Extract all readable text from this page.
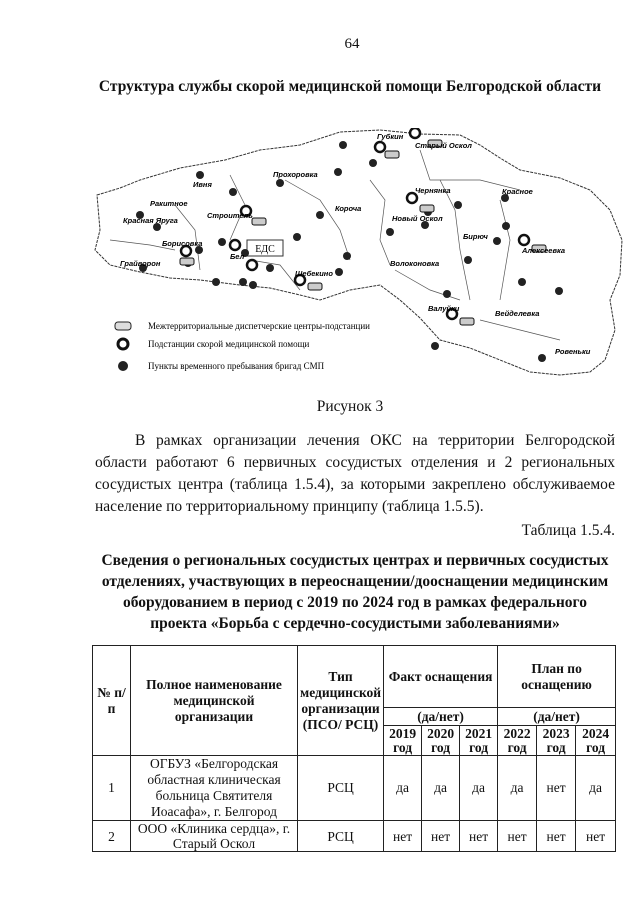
64
Структура службы скорой медицинской помощи Белгородской области
ЕДС
Губкин
Старый Оскол
Прохоровка
Ивня
Ракитное
Строитель
Короча
Чернянка	Красное
Новый Оскол
Красная Яруга
Борисовка
Бел
Грайворон
Бирюч
Алексеевка
Волоконовка
Шебекино
Валуйки
Вейделевка
Ровеньки
Межтерриториальные диспетчерские центры-подстанции
Подстанции скорой медицинской помощи
Пункты временного пребывания бригад СМП
Рисунок 3
В рамках организации лечения ОКС на территории Белгородской области работают 6 первичных сосудистых отделения и 2 региональных сосудистых центра (таблица 1.5.4), за которыми закреплено обслуживаемое население по территориальному принципу (таблица 1.5.5).
Таблица 1.5.4.
Сведения о региональных сосудистых центрах и первичных сосудистых отделениях, участвующих в переоснащении/дооснащении медицинским оборудованием в период с 2019 по 2024 год в рамках федерального проекта «Борьба с сердечно-сосудистыми заболеваниями»
№ п/п	Полное наименование медицинской организации	Тип медицинской организации (ПСО/ РСЦ)	Факт оснащения			План по оснащению		
			(да/нет)			(да/нет)		
			2019 год	2020 год	2021 год	2022 год	2023 год	2024 год
1	ОГБУЗ «Белгородская областная клиническая больница Святителя Иоасафа», г. Белгород	РСЦ	да	да	да	да	нет	да
2	ООО «Клиника сердца», г. Старый Оскол	РСЦ	нет	нет	нет	нет	нет	нет
